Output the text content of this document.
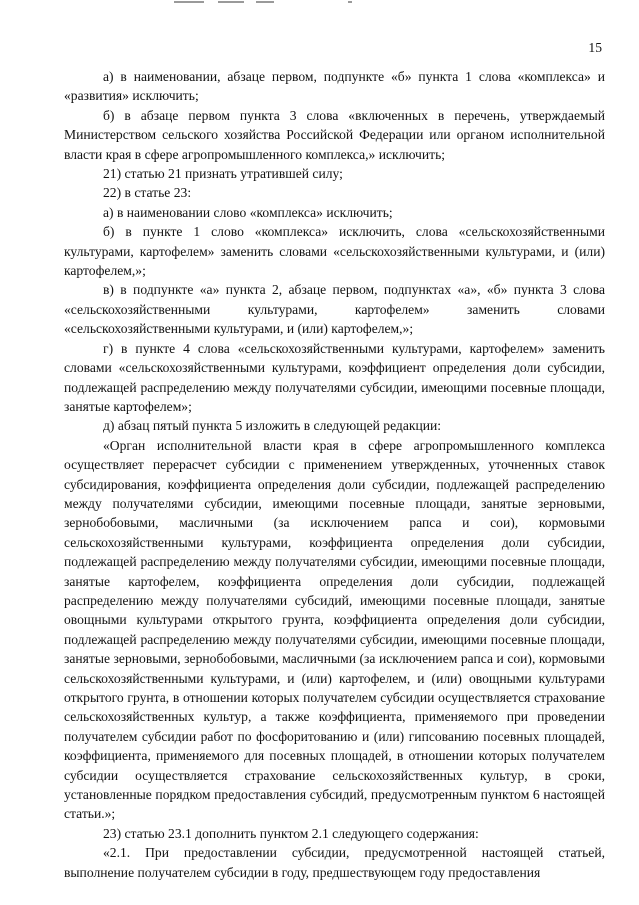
15

а) в наименовании, абзаце первом, подпункте «б» пункта 1 слова «комплекса» и «развития» исключить;

б) в абзаце первом пункта 3 слова «включенных в перечень, утверждаемый Министерством сельского хозяйства Российской Федерации или органом исполнительной власти края в сфере агропромышленного комплекса,» исключить;

21) статью 21 признать утратившей силу;

22) в статье 23:

а) в наименовании слово «комплекса» исключить;

б) в пункте 1 слово «комплекса» исключить, слова «сельскохозяйственными культурами, картофелем» заменить словами «сельскохозяйственными культурами, и (или) картофелем,»;

в) в подпункте «а» пункта 2, абзаце первом, подпунктах «а», «б» пункта 3 слова «сельскохозяйственными культурами, картофелем» заменить словами «сельскохозяйственными культурами, и (или) картофелем,»;

г) в пункте 4 слова «сельскохозяйственными культурами, картофелем» заменить словами «сельскохозяйственными культурами, коэффициент определения доли субсидии, подлежащей распределению между получателями субсидии, имеющими посевные площади, занятые картофелем»;

д) абзац пятый пункта 5 изложить в следующей редакции:

«Орган исполнительной власти края в сфере агропромышленного комплекса осуществляет перерасчет субсидии с применением утвержденных, уточненных ставок субсидирования, коэффициента определения доли субсидии, подлежащей распределению между получателями субсидии, имеющими посевные площади, занятые зерновыми, зернобобовыми, масличными (за исключением рапса и сои), кормовыми сельскохозяйственными культурами, коэффициента определения доли субсидии, подлежащей распределению между получателями субсидии, имеющими посевные площади, занятые картофелем, коэффициента определения доли субсидии, подлежащей распределению между получателями субсидий, имеющими посевные площади, занятые овощными культурами открытого грунта, коэффициента определения доли субсидии, подлежащей распределению между получателями субсидии, имеющими посевные площади, занятые зерновыми, зернобобовыми, масличными (за исключением рапса и сои), кормовыми сельскохозяйственными культурами, и (или) картофелем, и (или) овощными культурами открытого грунта, в отношении которых получателем субсидии осуществляется страхование сельскохозяйственных культур, а также коэффициента, применяемого при проведении получателем субсидии работ по фосфоритованию и (или) гипсованию посевных площадей, коэффициента, применяемого для посевных площадей, в отношении которых получателем субсидии осуществляется страхование сельскохозяйственных культур, в сроки, установленные порядком предоставления субсидий, предусмотренным пунктом 6 настоящей статьи.»;

23) статью 23.1 дополнить пунктом 2.1 следующего содержания:

«2.1. При предоставлении субсидии, предусмотренной настоящей статьей, выполнение получателем субсидии в году, предшествующем году предоставления
